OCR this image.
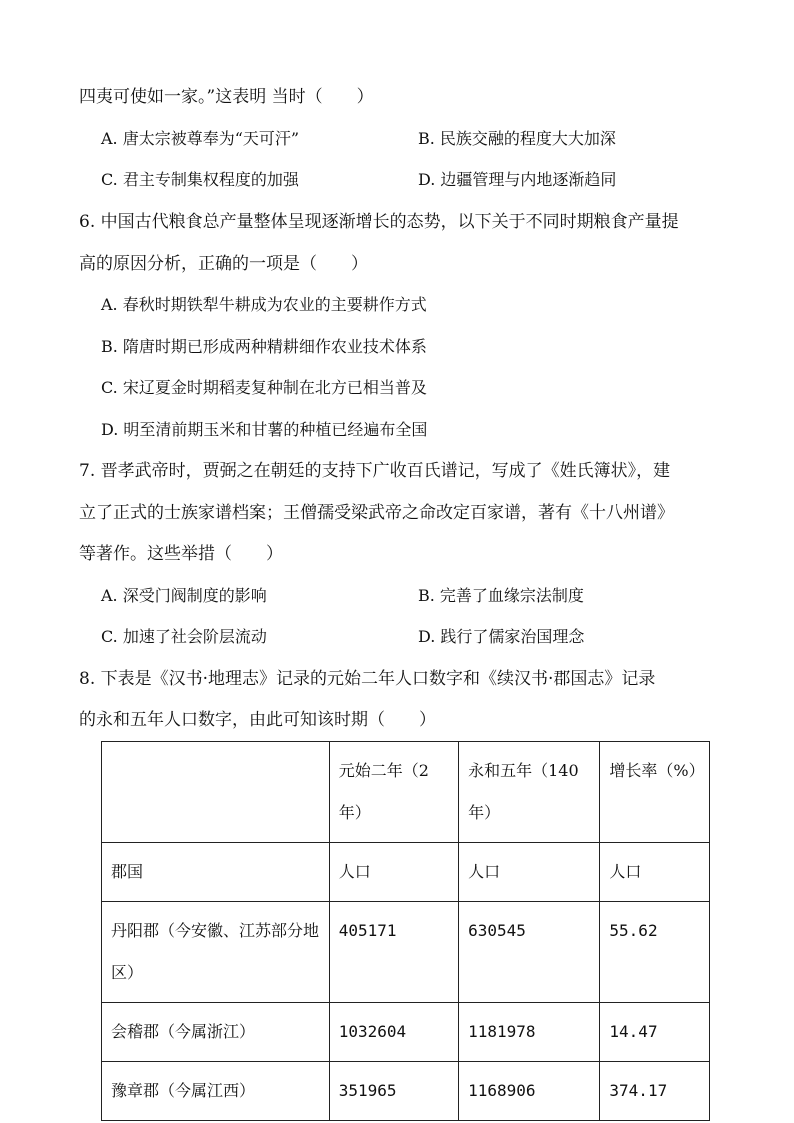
四夷可使如一家。”这表明 当时（　　）
A. 唐太宗被尊奉为“天可汗”	B. 民族交融的程度大大加深
C. 君主专制集权程度的加强	D. 边疆管理与内地逐渐趋同
6. 中国古代粮食总产量整体呈现逐渐增长的态势，以下关于不同时期粮食产量提
高的原因分析，正确的一项是（　　）
A. 春秋时期铁犁牛耕成为农业的主要耕作方式
B. 隋唐时期已形成两种精耕细作农业技术体系
C. 宋辽夏金时期稻麦复种制在北方已相当普及
D. 明至清前期玉米和甘薯的种植已经遍布全国
7. 晋孝武帝时，贾弼之在朝廷的支持下广收百氏谱记，写成了《姓氏簿状》，建
立了正式的士族家谱档案；王僧孺受梁武帝之命改定百家谱，著有《十八州谱》
等著作。这些举措（　　）
A. 深受门阀制度的影响	B. 完善了血缘宗法制度
C. 加速了社会阶层流动	D. 践行了儒家治国理念
8. 下表是《汉书·地理志》记录的元始二年人口数字和《续汉书·郡国志》记录
的永和五年人口数字，由此可知该时期（　　）
	元始二年（2年）	永和五年（140年）	增长率（%）
郡国	人口	人口	人口
丹阳郡（今安徽、江苏部分地区）	405171	630545	55.62
会稽郡（今属浙江）	1032604	1181978	14.47
豫章郡（今属江西）	351965	1168906	374.17
